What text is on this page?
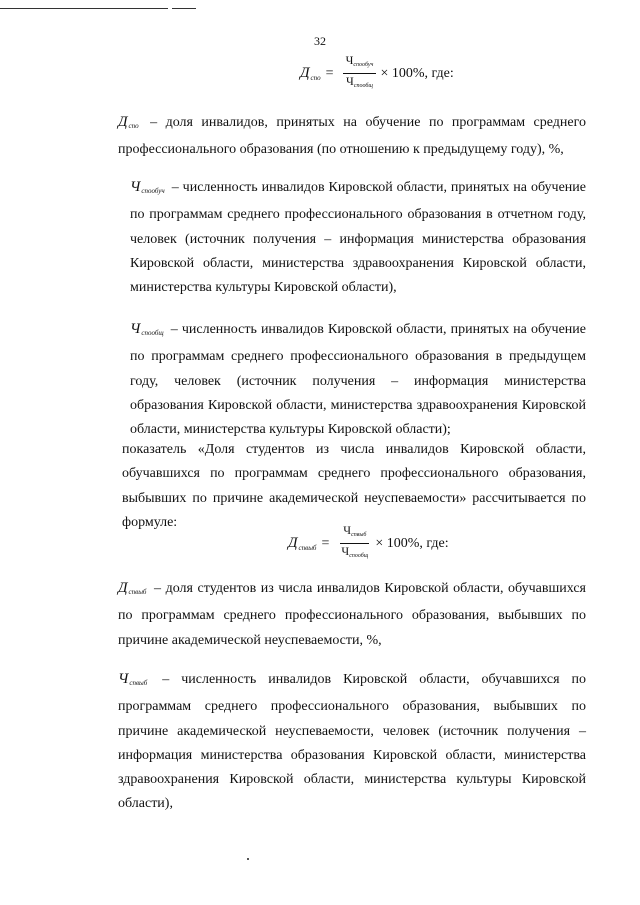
32
$Д_{спо} = \frac{\text{Чспообуч}}{\text{Чспообщ}} \times 100\%$, где:

Дспо – доля инвалидов, принятых на обучение по программам среднего профессионального образования (по отношению к предыдущему году), %,

Чспообуч – численность инвалидов Кировской области, принятых на обучение по программам среднего профессионального образования в отчетном году, человек (источник получения – информация министерства образования Кировской области, министерства здравоохранения Кировской области, министерства культуры Кировской области),

Чспообщ – численность инвалидов Кировской области, принятых на обучение по программам среднего профессионального образования в предыдущем году, человек (источник получения – информация министерства образования Кировской области, министерства здравоохранения Кировской области, министерства культуры Кировской области);

показатель «Доля студентов из числа инвалидов Кировской области, обучавшихся по программам среднего профессионального образования, выбывших по причине академической неуспеваемости» рассчитывается по формуле:

$Д_{спвыб} = \frac{\text{Чспвыб}}{\text{Чспообщ}} \times 100\%$, где:

Дспвыб – доля студентов из числа инвалидов Кировской области, обучавшихся по программам среднего профессионального образования, выбывших по причине академической неуспеваемости, %,

Чспвыб – численность инвалидов Кировской области, обучавшихся по программам среднего профессионального образования, выбывших по причине академической неуспеваемости, человек (источник получения – информация министерства образования Кировской области, министерства здравоохранения Кировской области, министерства культуры Кировской области),
